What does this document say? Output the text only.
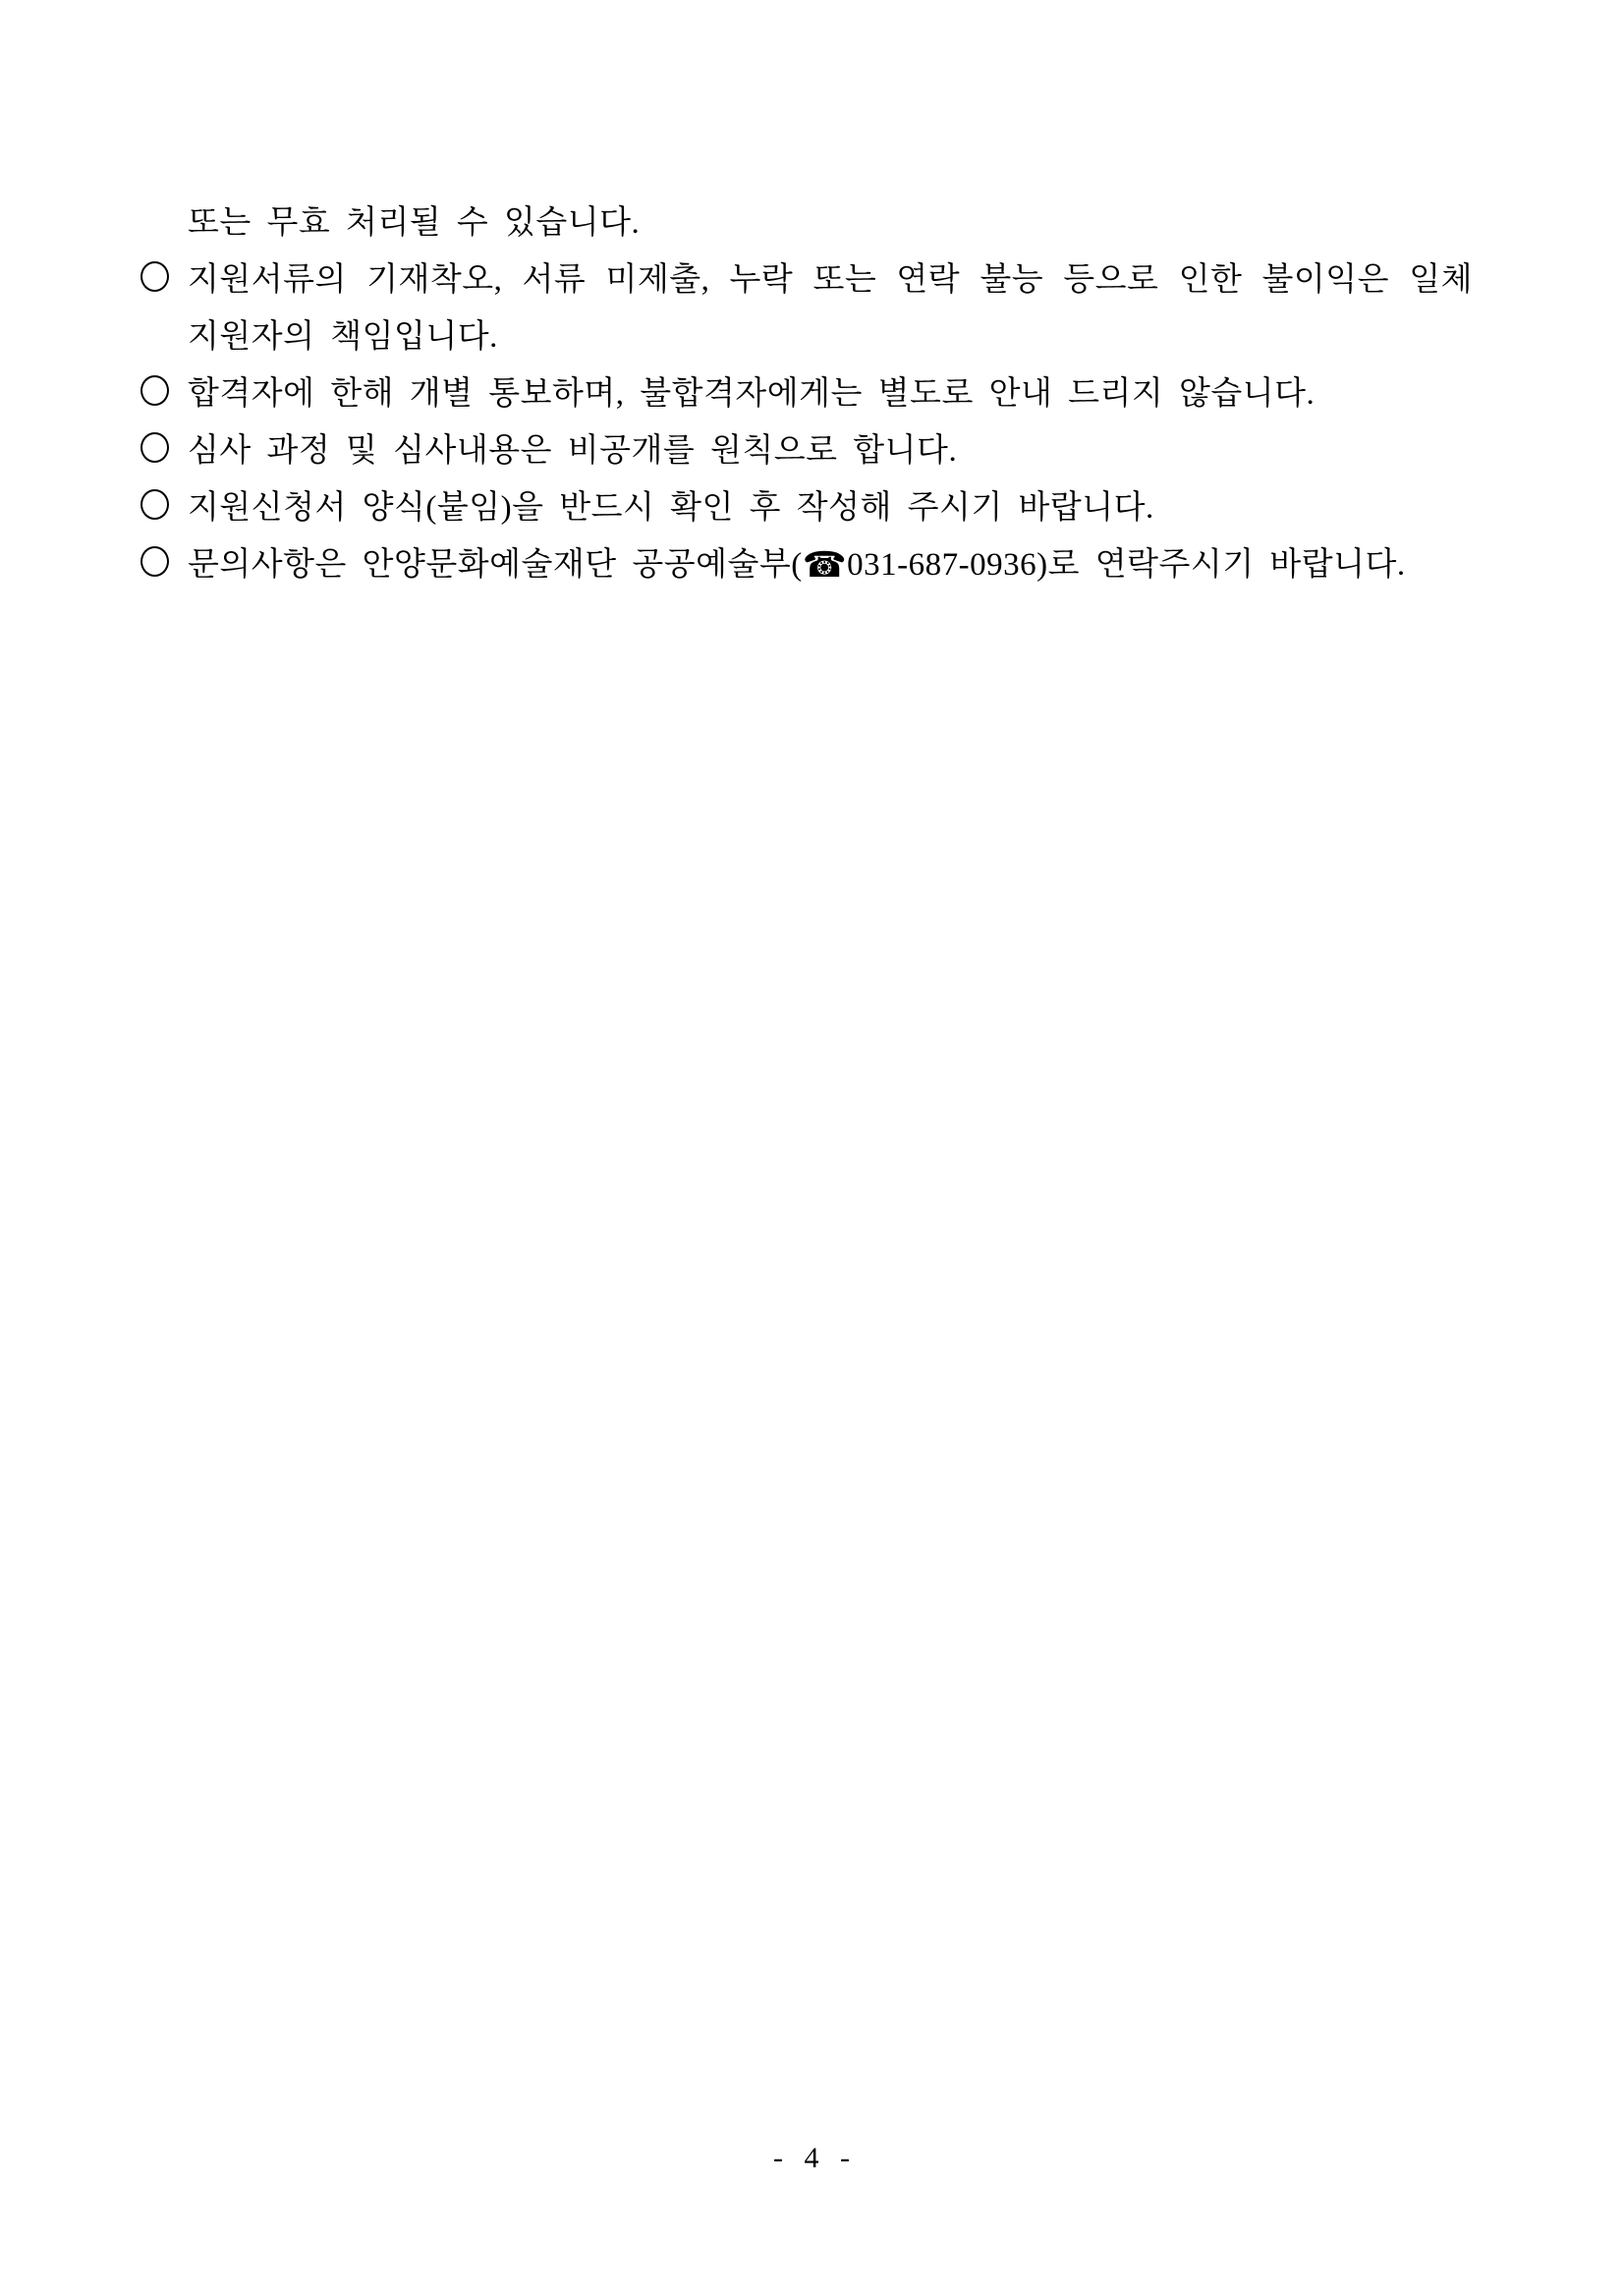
또는 무효 처리될 수 있습니다.
지원서류의 기재착오, 서류 미제출, 누락 또는 연락 불능 등으로 인한 불이익은 일체
지원자의 책임입니다.
합격자에 한해 개별 통보하며, 불합격자에게는 별도로 안내 드리지 않습니다.
심사 과정 및 심사내용은 비공개를 원칙으로 합니다.
지원신청서 양식(붙임)을 반드시 확인 후 작성해 주시기 바랍니다.
문의사항은 안양문화예술재단 공공예술부(☎031-687-0936)로 연락주시기 바랍니다.
- 4 -
